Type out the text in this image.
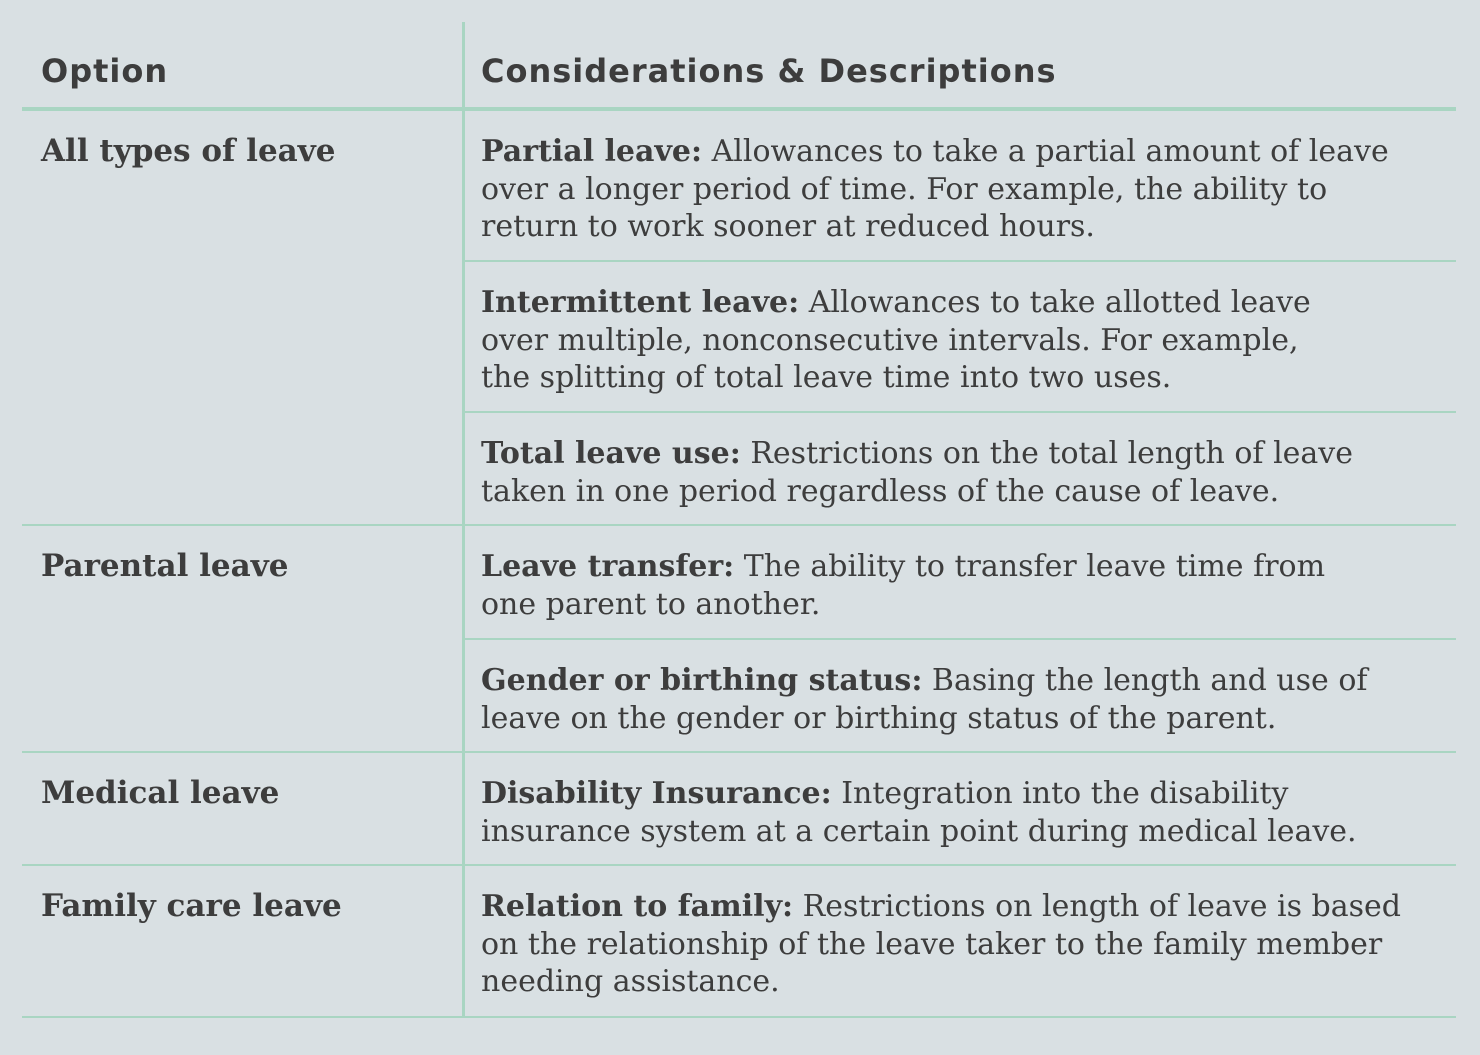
Option	Considerations & Descriptions
All types of leave	Partial leave: Allowances to take a partial amount of leave
over a longer period of time. For example, the ability to
return to work sooner at reduced hours.

Intermittent leave: Allowances to take allotted leave
over multiple, nonconsecutive intervals. For example,
the splitting of total leave time into two uses.

Total leave use: Restrictions on the total length of leave
taken in one period regardless of the cause of leave.

Parental leave	Leave transfer: The ability to transfer leave time from
one parent to another.

Gender or birthing status: Basing the length and use of
leave on the gender or birthing status of the parent.

Medical leave	Disability Insurance: Integration into the disability
insurance system at a certain point during medical leave.

Family care leave	Relation to family: Restrictions on length of leave is based
on the relationship of the leave taker to the family member
needing assistance.
